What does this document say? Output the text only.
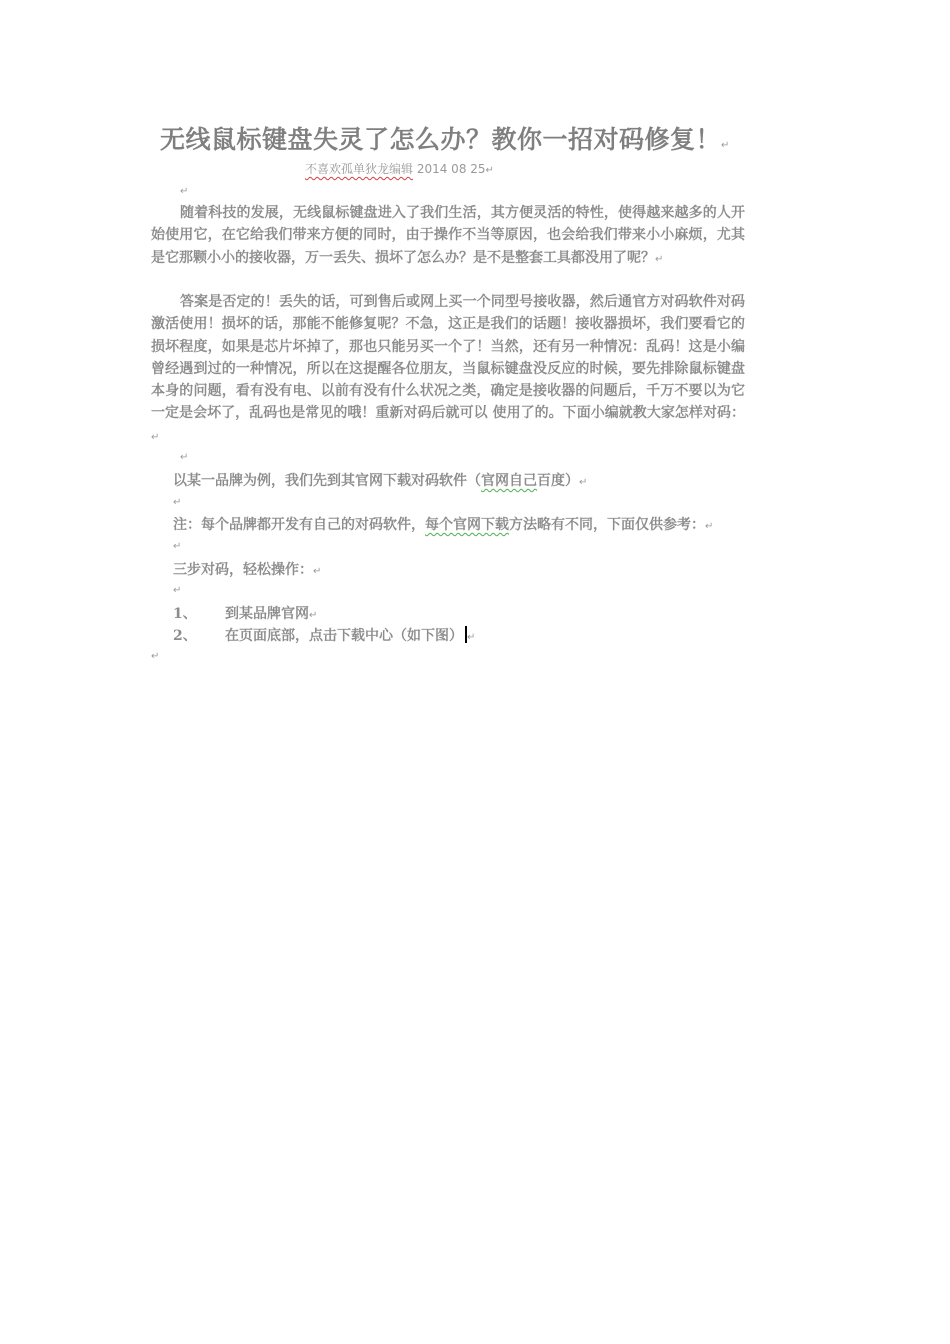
无线鼠标键盘失灵了怎么办？教你一招对码修复！↵
不喜欢孤单狄龙编辑 2014 08 25↵
↵
随着科技的发展，无线鼠标键盘进入了我们生活，其方便灵活的特性，使得越来越多的人开始使用它，在它给我们带来方便的同时，由于操作不当等原因，也会给我们带来小小麻烦，尤其是它那颗小小的接收器，万一丢失、损坏了怎么办？是不是整套工具都没用了呢？↵
答案是否定的！丢失的话，可到售后或网上买一个同型号接收器，然后通官方对码软件对码激活使用！损坏的话，那能不能修复呢？不急，这正是我们的话题！接收器损坏，我们要看它的损坏程度，如果是芯片坏掉了，那也只能另买一个了！当然，还有另一种情况：乱码！这是小编曾经遇到过的一种情况，所以在这提醒各位朋友，当鼠标键盘没反应的时候，要先排除鼠标键盘本身的问题，看有没有电、以前有没有什么状况之类，确定是接收器的问题后，千万不要以为它一定是会坏了，乱码也是常见的哦！重新对码后就可以 使用了的。下面小编就教大家怎样对码：↵
↵
以某一品牌为例，我们先到其官网下载对码软件（官网自己百度）↵
↵
注：每个品牌都开发有自己的对码软件，每个官网下载方法略有不同，下面仅供参考：↵
↵
三步对码，轻松操作：↵
↵
1、 到某品牌官网↵
2、 在页面底部，点击下载中心（如下图） ↵
↵
